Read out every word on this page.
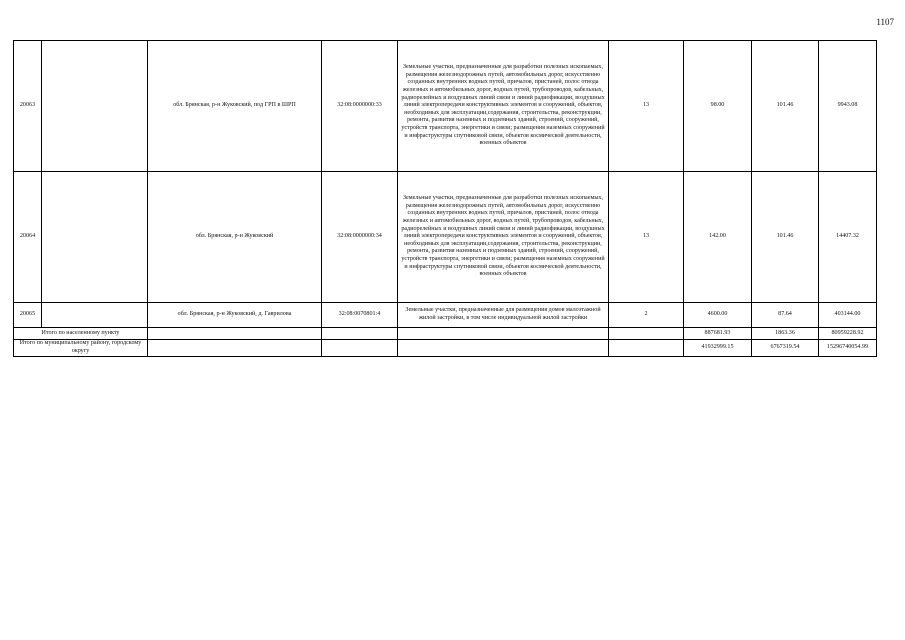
1107
20063		обл. Брянская, р-н Жуковский, под ГРП в ШРП	32:08:0000000:33	Земельные участки, предназначенные для разработки полезных ископаемых, размещения железнодорожных путей, автомобильных дорог, искусственно созданных внутренних водных путей, причалов, пристаней, полос отвода железных и автомобильных дорог, водных путей, трубопроводов, кабельных, радиорелейных и воздушных линий связи и линий радиофикации, воздушных линий электропередачи конструктивных элементов и сооружений, объектов, необходимых для эксплуатации,содержания, строительства, реконструкции, ремонта, развития наземных и подземных зданий, строений, сооружений, устройств транспорта, энергетики и связи; размещения наземных сооружений и инфраструктуры спутниковой связи, объектов космической деятельности, военных объектов	13	98.00	101.46	9943.08
20064		обл. Брянская, р-н Жуковский	32:08:0000000:34	Земельные участки, предназначенные для разработки полезных ископаемых, размещения железнодорожных путей, автомобильных дорог, искусственно созданных внутренних водных путей, причалов, пристаней, полос отвода железных и автомобильных дорог, водных путей, трубопроводов, кабельных, радиорелейных и воздушных линий связи и линий радиофикации, воздушных линий электропередачи конструктивных элементов и сооружений, объектов, необходимых для эксплуатации,содержания, строительства, реконструкции, ремонта, развития наземных и подземных зданий, строений, сооружений, устройств транспорта, энергетики и связи; размещения наземных сооружений и инфраструктуры спутниковой связи, объектов космической деятельности, военных объектов	13	142.00	101.46	14407.32
20065		обл. Брянская, р-н Жуковский, д. Гаврилова	32:08:0070801:4	Земельные участки, предназначенные для размещения домов малоэтажной жилой застройки, в том числе индивидуальной жилой застройки	2	4600.00	87.64	403144.00
Итого по населенному пункту						887681.93	1863.36	80959228.92
Итого по муниципальному району, городскому округу						41932999.15	6767319.54	15296740054.99
